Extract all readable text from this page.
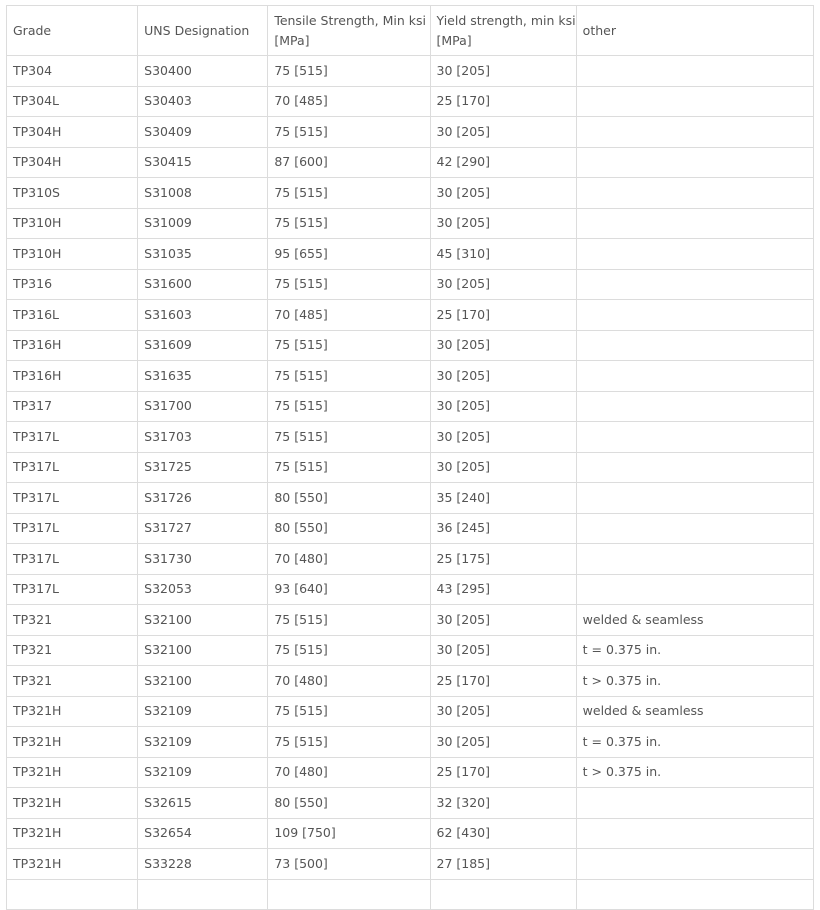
Grade	UNS Designation	Tensile Strength, Min ksi [MPa]	Yield strength, min ksi [MPa]	other
TP304	S30400	75 [515]	30 [205]	
TP304L	S30403	70 [485]	25 [170]	
TP304H	S30409	75 [515]	30 [205]	
TP304H	S30415	87 [600]	42 [290]	
TP310S	S31008	75 [515]	30 [205]	
TP310H	S31009	75 [515]	30 [205]	
TP310H	S31035	95 [655]	45 [310]	
TP316	S31600	75 [515]	30 [205]	
TP316L	S31603	70 [485]	25 [170]	
TP316H	S31609	75 [515]	30 [205]	
TP316H	S31635	75 [515]	30 [205]	
TP317	S31700	75 [515]	30 [205]	
TP317L	S31703	75 [515]	30 [205]	
TP317L	S31725	75 [515]	30 [205]	
TP317L	S31726	80 [550]	35 [240]	
TP317L	S31727	80 [550]	36 [245]	
TP317L	S31730	70 [480]	25 [175]	
TP317L	S32053	93 [640]	43 [295]	
TP321	S32100	75 [515]	30 [205]	welded & seamless
TP321	S32100	75 [515]	30 [205]	t = 0.375 in.
TP321	S32100	70 [480]	25 [170]	t > 0.375 in.
TP321H	S32109	75 [515]	30 [205]	welded & seamless
TP321H	S32109	75 [515]	30 [205]	t = 0.375 in.
TP321H	S32109	70 [480]	25 [170]	t > 0.375 in.
TP321H	S32615	80 [550]	32 [320]	
TP321H	S32654	109 [750]	62 [430]	
TP321H	S33228	73 [500]	27 [185]	
